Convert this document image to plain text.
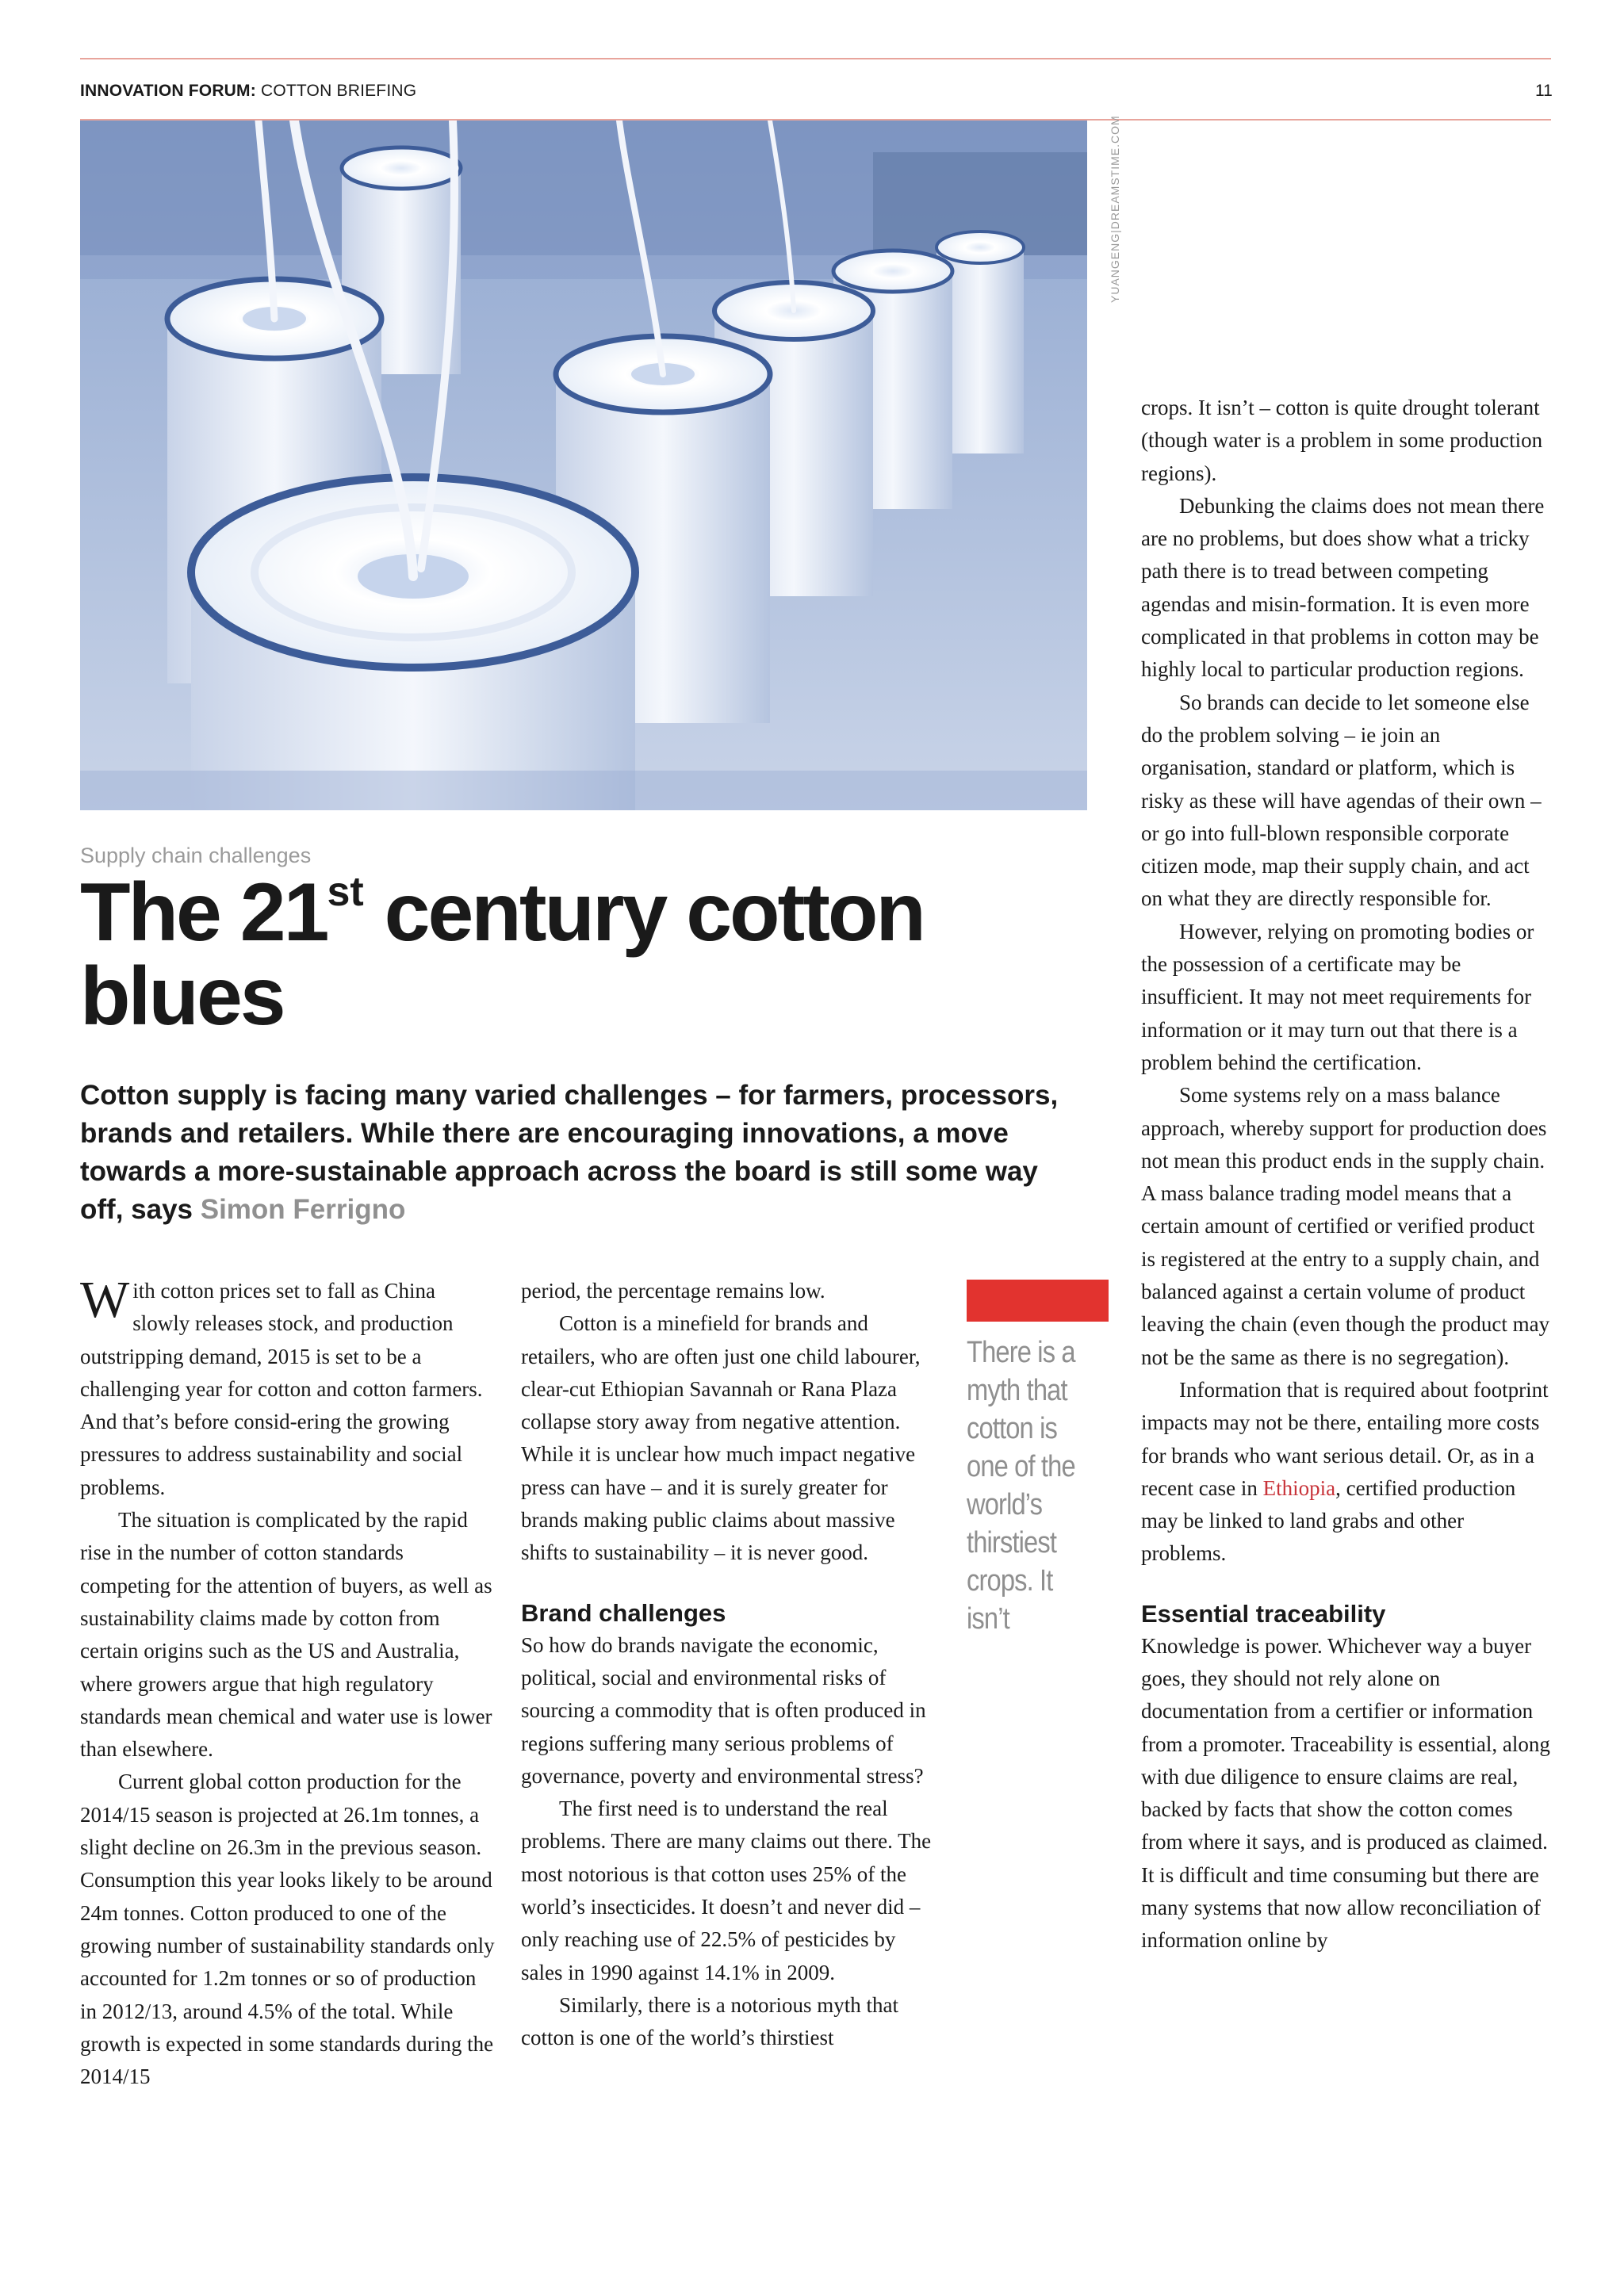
INNOVATION FORUM: COTTON BRIEFING	11
YUANGENG|DREAMSTIME.COM
Supply chain challenges
The 21st century cotton blues
Cotton supply is facing many varied challenges – for farmers, processors, brands and retailers. While there are encouraging innovations, a move towards a more-sustainable approach across the board is still some way off, says Simon Ferrigno

With cotton prices set to fall as China slowly releases stock, and production outstripping demand, 2015 is set to be a challenging year for cotton and cotton farmers. And that’s before consid-ering the growing pressures to address sustainability and social problems.

The situation is complicated by the rapid rise in the number of cotton standards competing for the attention of buyers, as well as sustainability claims made by cotton from certain origins such as the US and Australia, where growers argue that high regulatory standards mean chemical and water use is lower than elsewhere.

Current global cotton production for the 2014/15 season is projected at 26.1m tonnes, a slight decline on 26.3m in the previous season. Consumption this year looks likely to be around 24m tonnes. Cotton produced to one of the growing number of sustainability standards only accounted for 1.2m tonnes or so of production in 2012/13, around 4.5% of the total. While growth is expected in some standards during the 2014/15

period, the percentage remains low.

Cotton is a minefield for brands and retailers, who are often just one child labourer, clear-cut Ethiopian Savannah or Rana Plaza collapse story away from negative attention. While it is unclear how much impact negative press can have – and it is surely greater for brands making public claims about massive shifts to sustainability – it is never good.

Brand challenges

So how do brands navigate the economic, political, social and environmental risks of sourcing a commodity that is often produced in regions suffering many serious problems of governance, poverty and environmental stress?

The first need is to understand the real problems. There are many claims out there. The most notorious is that cotton uses 25% of the world’s insecticides. It doesn’t and never did – only reaching use of 22.5% of pesticides by sales in 1990 against 14.1% in 2009.

Similarly, there is a notorious myth that cotton is one of the world’s thirstiest

There is a myth that cotton is one of the world’s thirstiest crops. It isn’t

crops. It isn’t – cotton is quite drought tolerant (though water is a problem in some production regions).

Debunking the claims does not mean there are no problems, but does show what a tricky path there is to tread between competing agendas and misin-formation. It is even more complicated in that problems in cotton may be highly local to particular production regions.

So brands can decide to let someone else do the problem solving – ie join an organisation, standard or platform, which is risky as these will have agendas of their own – or go into full-blown responsible corporate citizen mode, map their supply chain, and act on what they are directly responsible for.

However, relying on promoting bodies or the possession of a certificate may be insufficient. It may not meet requirements for information or it may turn out that there is a problem behind the certification.

Some systems rely on a mass balance approach, whereby support for production does not mean this product ends in the supply chain. A mass balance trading model means that a certain amount of certified or verified product is registered at the entry to a supply chain, and balanced against a certain volume of product leaving the chain (even though the product may not be the same as there is no segregation).

Information that is required about footprint impacts may not be there, entailing more costs for brands who want serious detail. Or, as in a recent case in Ethiopia, certified production may be linked to land grabs and other problems.

Essential traceability

Knowledge is power. Whichever way a buyer goes, they should not rely alone on documentation from a certifier or information from a promoter. Traceability is essential, along with due diligence to ensure claims are real, backed by facts that show the cotton comes from where it says, and is produced as claimed. It is difficult and time consuming but there are many systems that now allow reconciliation of information online by
